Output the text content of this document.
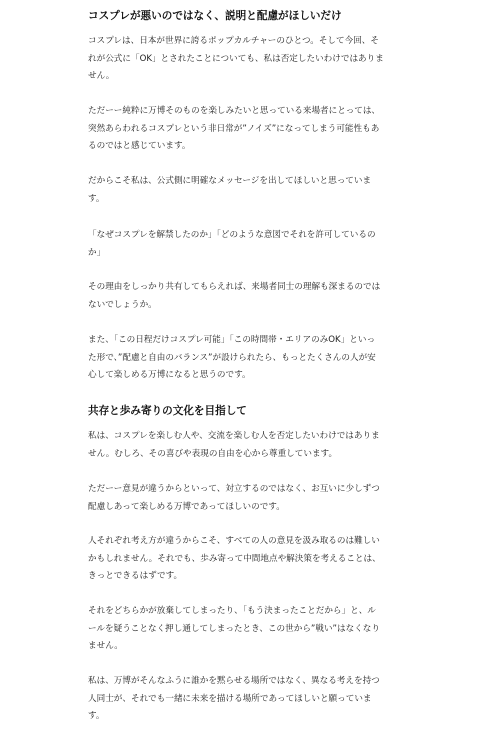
コスプレが悪いのではなく、説明と配慮がほしいだけ

コスプレは、日本が世界に誇るポップカルチャーのひとつ。そして今回、そ
れが公式に「OK」とされたことについても、私は否定したいわけではありま
せん。

ただーー純粋に万博そのものを楽しみたいと思っている来場者にとっては、
突然あらわれるコスプレという非日常が”ノイズ”になってしまう可能性もあ
るのではと感じています。

だからこそ私は、公式側に明確なメッセージを出してほしいと思っていま
す。

「なぜコスプレを解禁したのか」「どのような意図でそれを許可しているの
か」

その理由をしっかり共有してもらえれば、来場者同士の理解も深まるのでは
ないでしょうか。

また、「この日程だけコスプレ可能」「この時間帯・エリアのみOK」といっ
た形で、”配慮と自由のバランス”が設けられたら、もっとたくさんの人が安
心して楽しめる万博になると思うのです。

共存と歩み寄りの文化を目指して

私は、コスプレを楽しむ人や、交流を楽しむ人を否定したいわけではありま
せん。むしろ、その喜びや表現の自由を心から尊重しています。

ただーー意見が違うからといって、対立するのではなく、お互いに少しずつ
配慮しあって楽しめる万博であってほしいのです。

人それぞれ考え方が違うからこそ、すべての人の意見を汲み取るのは難しい
かもしれません。それでも、歩み寄って中間地点や解決策を考えることは、
きっとできるはずです。

それをどちらかが放棄してしまったり、「もう決まったことだから」と、ル
ールを疑うことなく押し通してしまったとき、この世から”戦い”はなくなり
ません。

私は、万博がそんなふうに誰かを黙らせる場所ではなく、異なる考えを持つ
人同士が、それでも一緒に未来を描ける場所であってほしいと願っていま
す。
